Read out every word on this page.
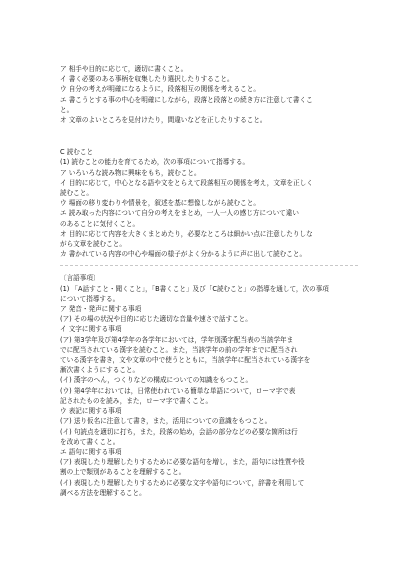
ア 相手や目的に応じて，適切に書くこと。
イ 書く必要のある事柄を収集したり選択したりすること。
ウ 自分の考えが明確になるように，段落相互の関係を考えること。
エ 書こうとする事の中心を明確にしながら，段落と段落との続き方に注意して書くこ
と。
オ 文章のよいところを見付けたり，間違いなどを正したりすること。
C 読むこと
(1) 読むことの能力を育てるため，次の事項について指導する。
ア いろいろな読み物に興味をもち，読むこと。
イ 目的に応じて，中心となる語や文をとらえて段落相互の関係を考え，文章を正しく
読むこと。
ウ 場面の移り変わりや情景を，叙述を基に想像しながら読むこと。
エ 読み取った内容について自分の考えをまとめ，一人一人の感じ方について違い
のあることに気付くこと。
オ 目的に応じて内容を大きくまとめたり，必要なところは細かい点に注意したりしな
がら文章を読むこと。
カ 書かれている内容の中心や場面の様子がよく分かるように声に出して読むこと。
〔言語事項〕
(1) 「A話すこと・聞くこと」，「B書くこと」及び「C読むこと」の指導を通して，次の事項
について指導する。
ア 発音・発声に関する事項
(ア) その場の状況や目的に応じた適切な音量や速さで話すこと。
イ 文字に関する事項
(ア) 第3学年及び第4学年の各学年においては，学年別漢字配当表の当該学年ま
でに配当されている漢字を読むこと。また，当該学年の前の学年までに配当され
ている漢字を書き，文や文章の中で使うとともに，当該学年に配当されている漢字を
漸次書くようにすること。
(イ) 漢字のへん，つくりなどの構成についての知識をもつこと。
(ウ) 第4学年においては，日常使われている簡単な単語について，ローマ字で表
記されたものを読み，また，ローマ字で書くこと。
ウ 表記に関する事項
(ア) 送り仮名に注意して書き，また，活用についての意識をもつこと。
(イ) 句読点を適切に打ち，また，段落の始め，会話の部分などの必要な箇所は行
を改めて書くこと。
エ 語句に関する事項
(ア) 表現したり理解したりするために必要な語句を増し，また，語句には性質や役
割の上で類別があることを理解すること。
(イ) 表現したり理解したりするために必要な文字や語句について，辞書を利用して
調べる方法を理解すること。
